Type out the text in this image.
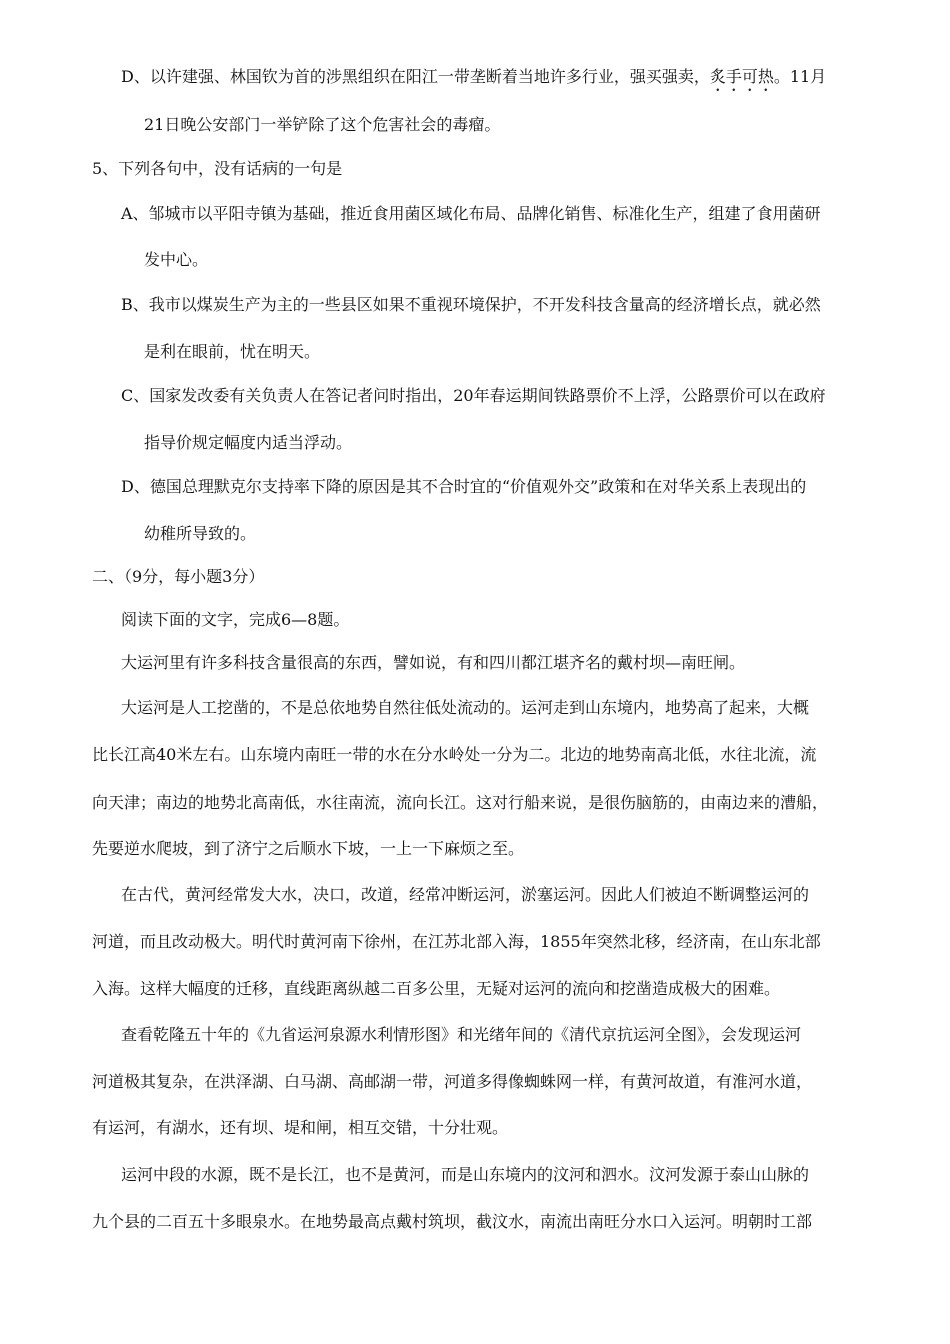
D、以许建强、林国钦为首的涉黑组织在阳江一带垄断着当地许多行业，强买强卖，炙手可热。11月
21日晚公安部门一举铲除了这个危害社会的毒瘤。
5、下列各句中，没有话病的一句是
A、邹城市以平阳寺镇为基础，推近食用菌区域化布局、品牌化销售、标准化生产，组建了食用菌研
发中心。
B、我市以煤炭生产为主的一些县区如果不重视环境保护，不开发科技含量高的经济增长点，就必然
是利在眼前，忧在明天。
C、国家发改委有关负责人在答记者问时指出，20年春运期间铁路票价不上浮，公路票价可以在政府
指导价规定幅度内适当浮动。
D、德国总理默克尔支持率下降的原因是其不合时宜的“价值观外交”政策和在对华关系上表现出的
幼稚所导致的。
二、（9分，每小题3分）
阅读下面的文字，完成6—8题。
大运河里有许多科技含量很高的东西，譬如说，有和四川都江堪齐名的戴村坝—南旺闸。
大运河是人工挖凿的，不是总依地势自然往低处流动的。运河走到山东境内，地势高了起来，大概
比长江高40米左右。山东境内南旺一带的水在分水岭处一分为二。北边的地势南高北低，水往北流，流
向天津；南边的地势北高南低，水往南流，流向长江。这对行船来说，是很伤脑筋的，由南边来的漕船，
先要逆水爬坡，到了济宁之后顺水下坡，一上一下麻烦之至。
在古代，黄河经常发大水，决口，改道，经常冲断运河，淤塞运河。因此人们被迫不断调整运河的
河道，而且改动极大。明代时黄河南下徐州，在江苏北部入海，1855年突然北移，经济南，在山东北部
入海。这样大幅度的迁移，直线距离纵越二百多公里，无疑对运河的流向和挖凿造成极大的困难。
查看乾隆五十年的《九省运河泉源水利情形图》和光绪年间的《清代京抗运河全图》，会发现运河
河道极其复杂，在洪泽湖、白马湖、高邮湖一带，河道多得像蜘蛛网一样，有黄河故道，有淮河水道，
有运河，有湖水，还有坝、堤和闸，相互交错，十分壮观。
运河中段的水源，既不是长江，也不是黄河，而是山东境内的汶河和泗水。汶河发源于泰山山脉的
九个县的二百五十多眼泉水。在地势最高点戴村筑坝，截汶水，南流出南旺分水口入运河。明朝时工部
